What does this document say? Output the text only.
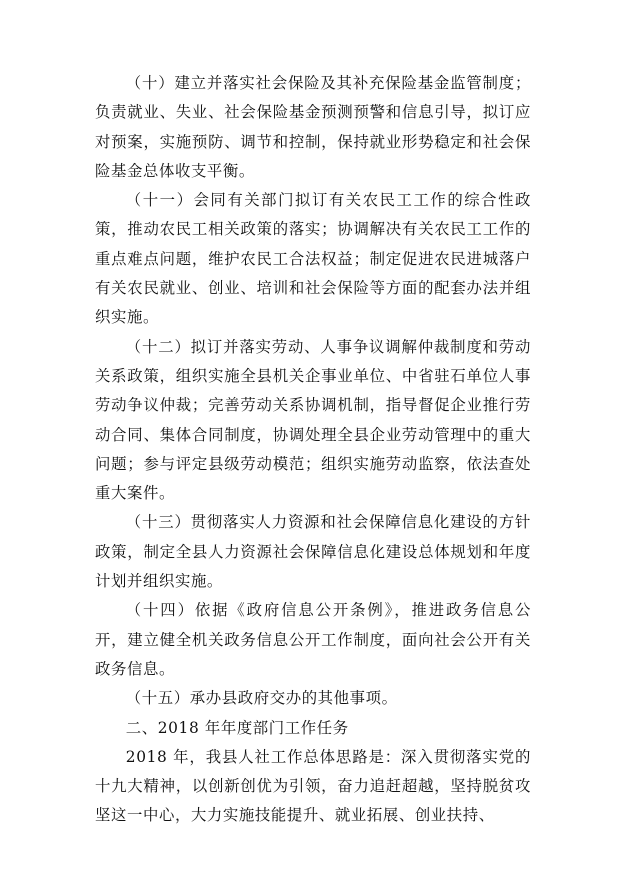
（十）建立并落实社会保险及其补充保险基金监管制度；负责就业、失业、社会保险基金预测预警和信息引导，拟订应对预案，实施预防、调节和控制，保持就业形势稳定和社会保险基金总体收支平衡。

（十一）会同有关部门拟订有关农民工工作的综合性政策，推动农民工相关政策的落实；协调解决有关农民工工作的重点难点问题，维护农民工合法权益；制定促进农民进城落户有关农民就业、创业、培训和社会保险等方面的配套办法并组织实施。

（十二）拟订并落实劳动、人事争议调解仲裁制度和劳动关系政策，组织实施全县机关企事业单位、中省驻石单位人事劳动争议仲裁；完善劳动关系协调机制，指导督促企业推行劳动合同、集体合同制度，协调处理全县企业劳动管理中的重大问题；参与评定县级劳动模范；组织实施劳动监察，依法查处重大案件。

（十三）贯彻落实人力资源和社会保障信息化建设的方针政策，制定全县人力资源社会保障信息化建设总体规划和年度计划并组织实施。

（十四）依据《政府信息公开条例》，推进政务信息公开，建立健全机关政务信息公开工作制度，面向社会公开有关政务信息。

（十五）承办县政府交办的其他事项。

二、2018 年年度部门工作任务

2018 年，我县人社工作总体思路是：深入贯彻落实党的十九大精神，以创新创优为引领，奋力追赶超越，坚持脱贫攻坚这一中心，大力实施技能提升、就业拓展、创业扶持、
